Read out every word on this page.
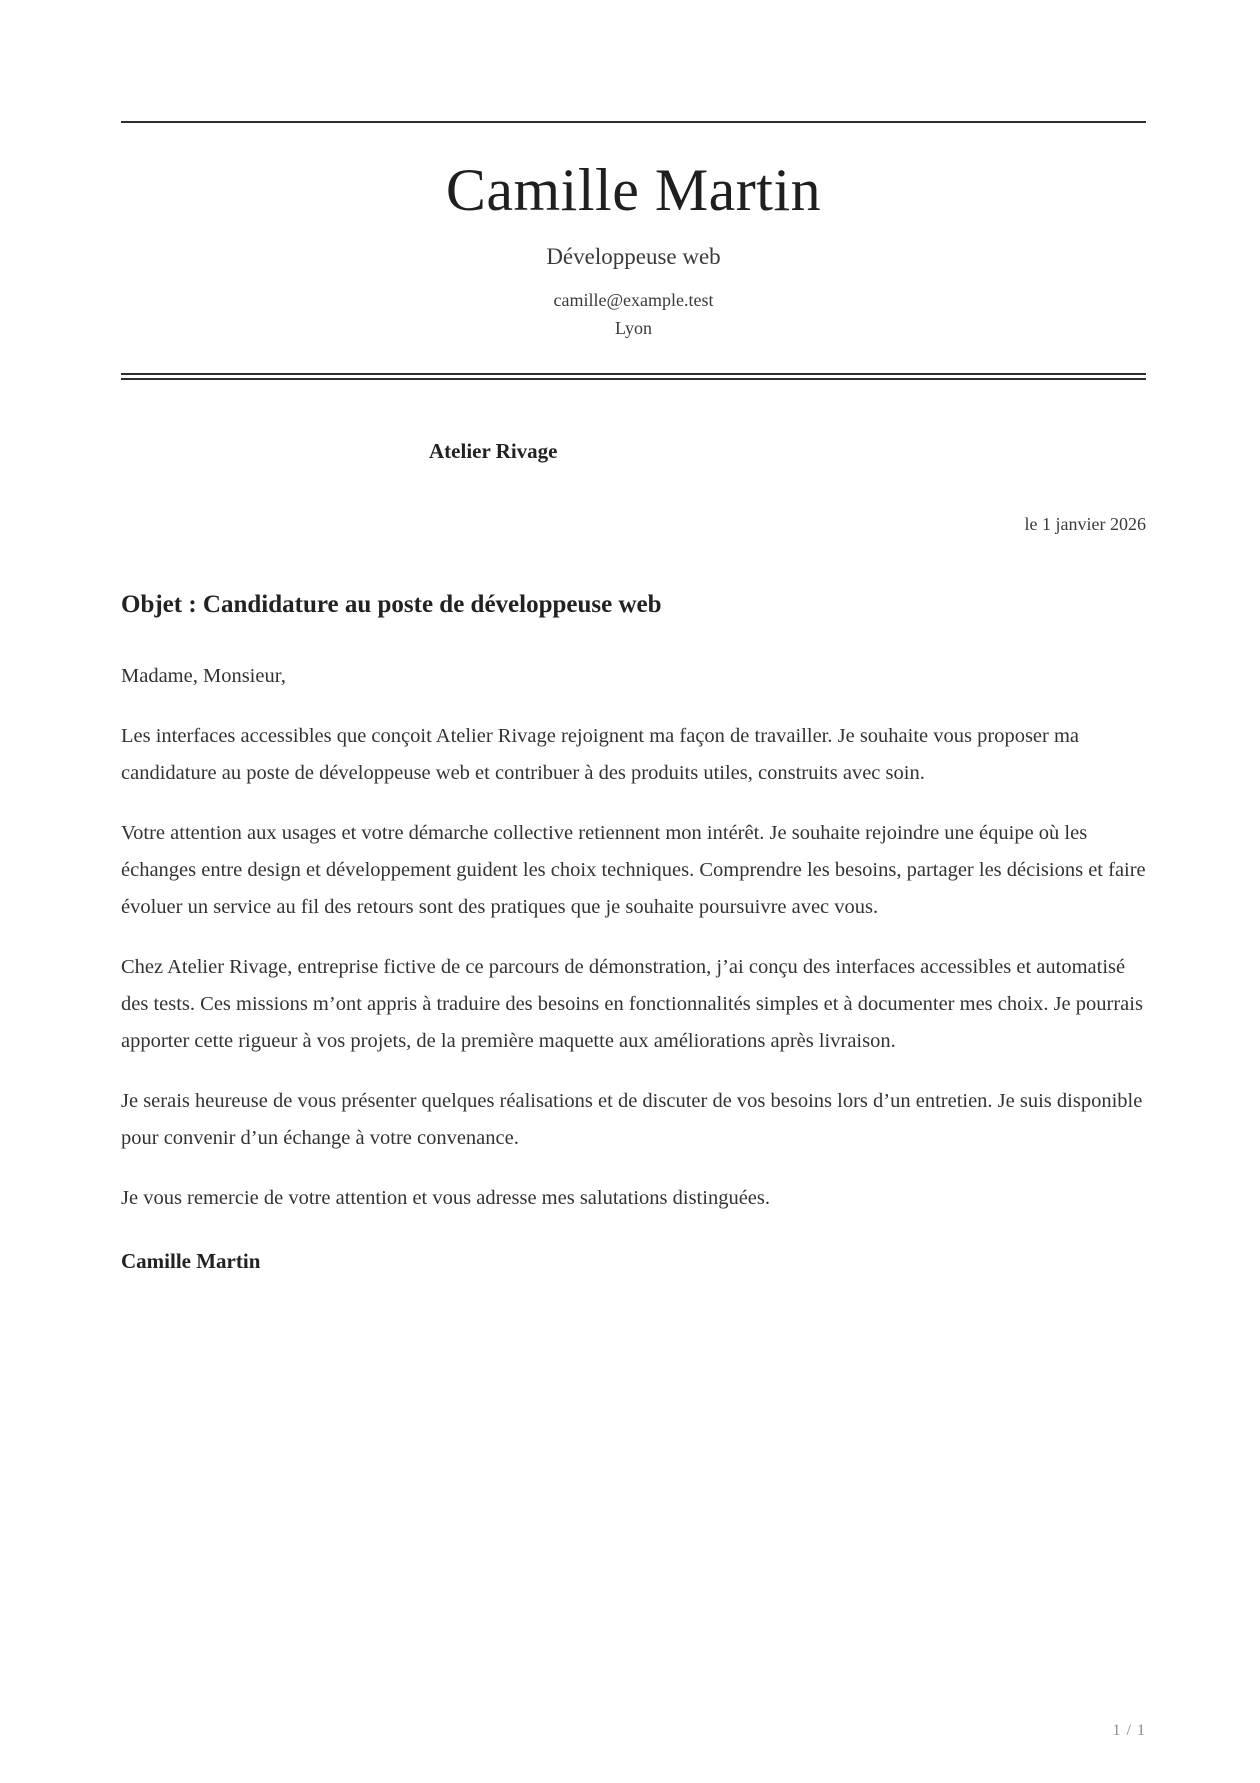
Camille Martin
Développeuse web
camille@example.test
Lyon
Atelier Rivage
le 1 janvier 2026
Objet : Candidature au poste de développeuse web

Madame, Monsieur,

Les interfaces accessibles que conçoit Atelier Rivage rejoignent ma façon de travailler. Je souhaite vous proposer ma candidature au poste de développeuse web et contribuer à des produits utiles, construits avec soin.

Votre attention aux usages et votre démarche collective retiennent mon intérêt. Je souhaite rejoindre une équipe où les échanges entre design et développement guident les choix techniques. Comprendre les besoins, partager les décisions et faire évoluer un service au fil des retours sont des pratiques que je souhaite poursuivre avec vous.

Chez Atelier Rivage, entreprise fictive de ce parcours de démonstration, j’ai conçu des interfaces accessibles et automatisé des tests. Ces missions m’ont appris à traduire des besoins en fonctionnalités simples et à documenter mes choix. Je pourrais apporter cette rigueur à vos projets, de la première maquette aux améliorations après livraison.

Je serais heureuse de vous présenter quelques réalisations et de discuter de vos besoins lors d’un entretien. Je suis disponible pour convenir d’un échange à votre convenance.

Je vous remercie de votre attention et vous adresse mes salutations distinguées.

Camille Martin
1 / 1
